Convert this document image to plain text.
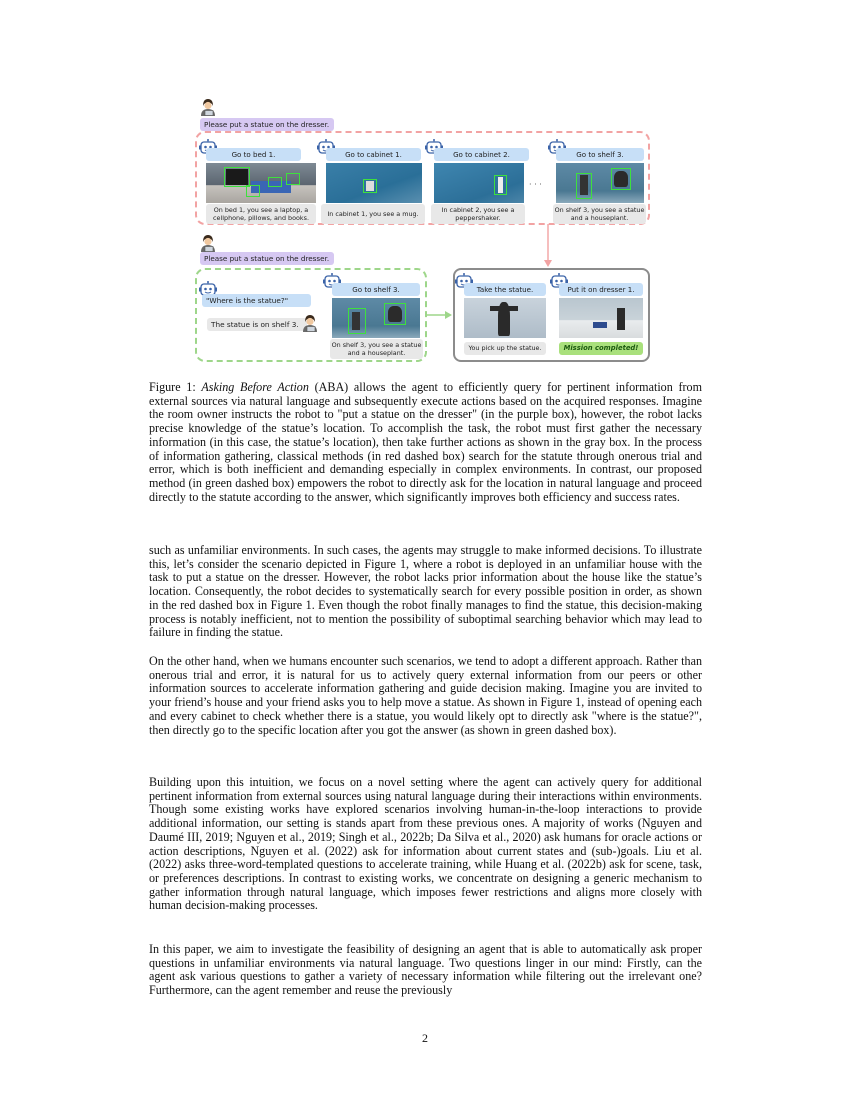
Please put a statue on the dresser.
Go to bed 1.
On bed 1, you see a laptop, a cellphone, pillows, and books.
Go to cabinet 1.
In cabinet 1, you see a mug.
Go to cabinet 2.
In cabinet 2, you see a peppershaker.
· · ·
Go to shelf 3.
On shelf 3, you see a statue and a houseplant.
Please put a statue on the dresser.
"Where is the statue?"
The statue is on shelf 3.
Go to shelf 3.
On shelf 3, you see a statue and a houseplant.
Take the statue.
You pick up the statue.
Put it on dresser 1.
Mission completed!

Figure 1: Asking Before Action (ABA) allows the agent to efficiently query for pertinent information from external sources via natural language and subsequently execute actions based on the acquired responses. Imagine the room owner instructs the robot to "put a statue on the dresser" (in the purple box), however, the robot lacks precise knowledge of the statue’s location. To accomplish the task, the robot must first gather the necessary information (in this case, the statue’s location), then take further actions as shown in the gray box. In the process of information gathering, classical methods (in red dashed box) search for the statute through onerous trial and error, which is both inefficient and demanding especially in complex environments. In contrast, our proposed method (in green dashed box) empowers the robot to directly ask for the location in natural language and proceed directly to the statute according to the answer, which significantly improves both efficiency and success rates.

such as unfamiliar environments. In such cases, the agents may struggle to make informed decisions. To illustrate this, let’s consider the scenario depicted in Figure 1, where a robot is deployed in an unfamiliar house with the task to put a statue on the dresser. However, the robot lacks prior information about the house like the statue’s location. Consequently, the robot decides to systematically search for every possible position in order, as shown in the red dashed box in Figure 1. Even though the robot finally manages to find the statue, this decision-making process is notably inefficient, not to mention the possibility of suboptimal searching behavior which may lead to failure in finding the statue.

On the other hand, when we humans encounter such scenarios, we tend to adopt a different approach. Rather than onerous trial and error, it is natural for us to actively query external information from our peers or other information sources to accelerate information gathering and guide decision making. Imagine you are invited to your friend’s house and your friend asks you to help move a statue. As shown in Figure 1, instead of opening each and every cabinet to check whether there is a statue, you would likely opt to directly ask "where is the statue?", then directly go to the specific location after you got the answer (as shown in green dashed box).

Building upon this intuition, we focus on a novel setting where the agent can actively query for additional pertinent information from external sources using natural language during their interactions within environments. Though some existing works have explored scenarios involving human-in-the-loop interactions to provide additional information, our setting is stands apart from these previous ones. A majority of works (Nguyen and Daumé III, 2019; Nguyen et al., 2019; Singh et al., 2022b; Da Silva et al., 2020) ask humans for oracle actions or action descriptions, Nguyen et al. (2022) ask for information about current states and (sub-)goals. Liu et al. (2022) asks three-word-templated questions to accelerate training, while Huang et al. (2022b) ask for scene, task, or preferences descriptions. In contrast to existing works, we concentrate on designing a generic mechanism to gather information through natural language, which imposes fewer restrictions and aligns more closely with human decision-making processes.

In this paper, we aim to investigate the feasibility of designing an agent that is able to automatically ask proper questions in unfamiliar environments via natural language. Two questions linger in our mind: Firstly, can the agent ask various questions to gather a variety of necessary information while filtering out the irrelevant one? Furthermore, can the agent remember and reuse the previously

2
